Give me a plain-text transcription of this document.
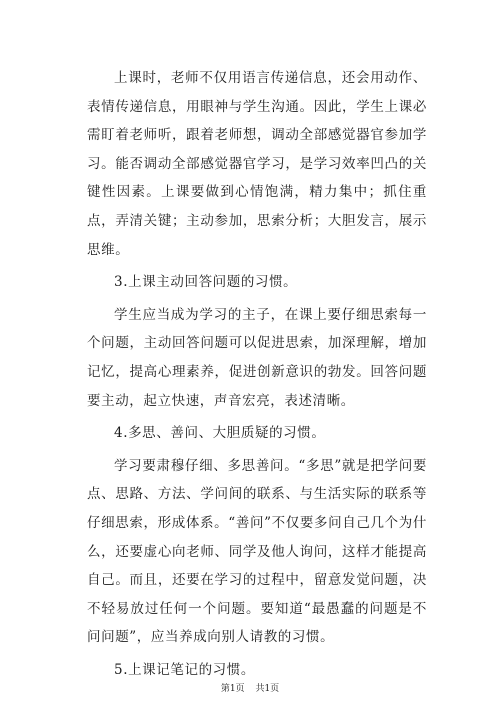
上课时，老师不仅用语言传递信息，还会用动作、表情传递信息，用眼神与学生沟通。因此，学生上课必需盯着老师听，跟着老师想，调动全部感觉器官参加学习。能否调动全部感觉器官学习，是学习效率凹凸的关键性因素。上课要做到心情饱满，精力集中；抓住重点，弄清关键；主动参加，思索分析；大胆发言，展示思维。

3.上课主动回答问题的习惯。

学生应当成为学习的主子，在课上要仔细思索每一个问题，主动回答问题可以促进思索，加深理解，增加记忆，提高心理素养，促进创新意识的勃发。回答问题要主动，起立快速，声音宏亮，表述清晰。

4.多思、善问、大胆质疑的习惯。

学习要肃穆仔细、多思善问。“多思”就是把学问要点、思路、方法、学问间的联系、与生活实际的联系等仔细思索，形成体系。“善问”不仅要多问自己几个为什么，还要虚心向老师、同学及他人询问，这样才能提高自己。而且，还要在学习的过程中，留意发觉问题，决不轻易放过任何一个问题。要知道“最愚蠢的问题是不问问题”，应当养成向别人请教的习惯。

5.上课记笔记的习惯。

第1页 共1页
